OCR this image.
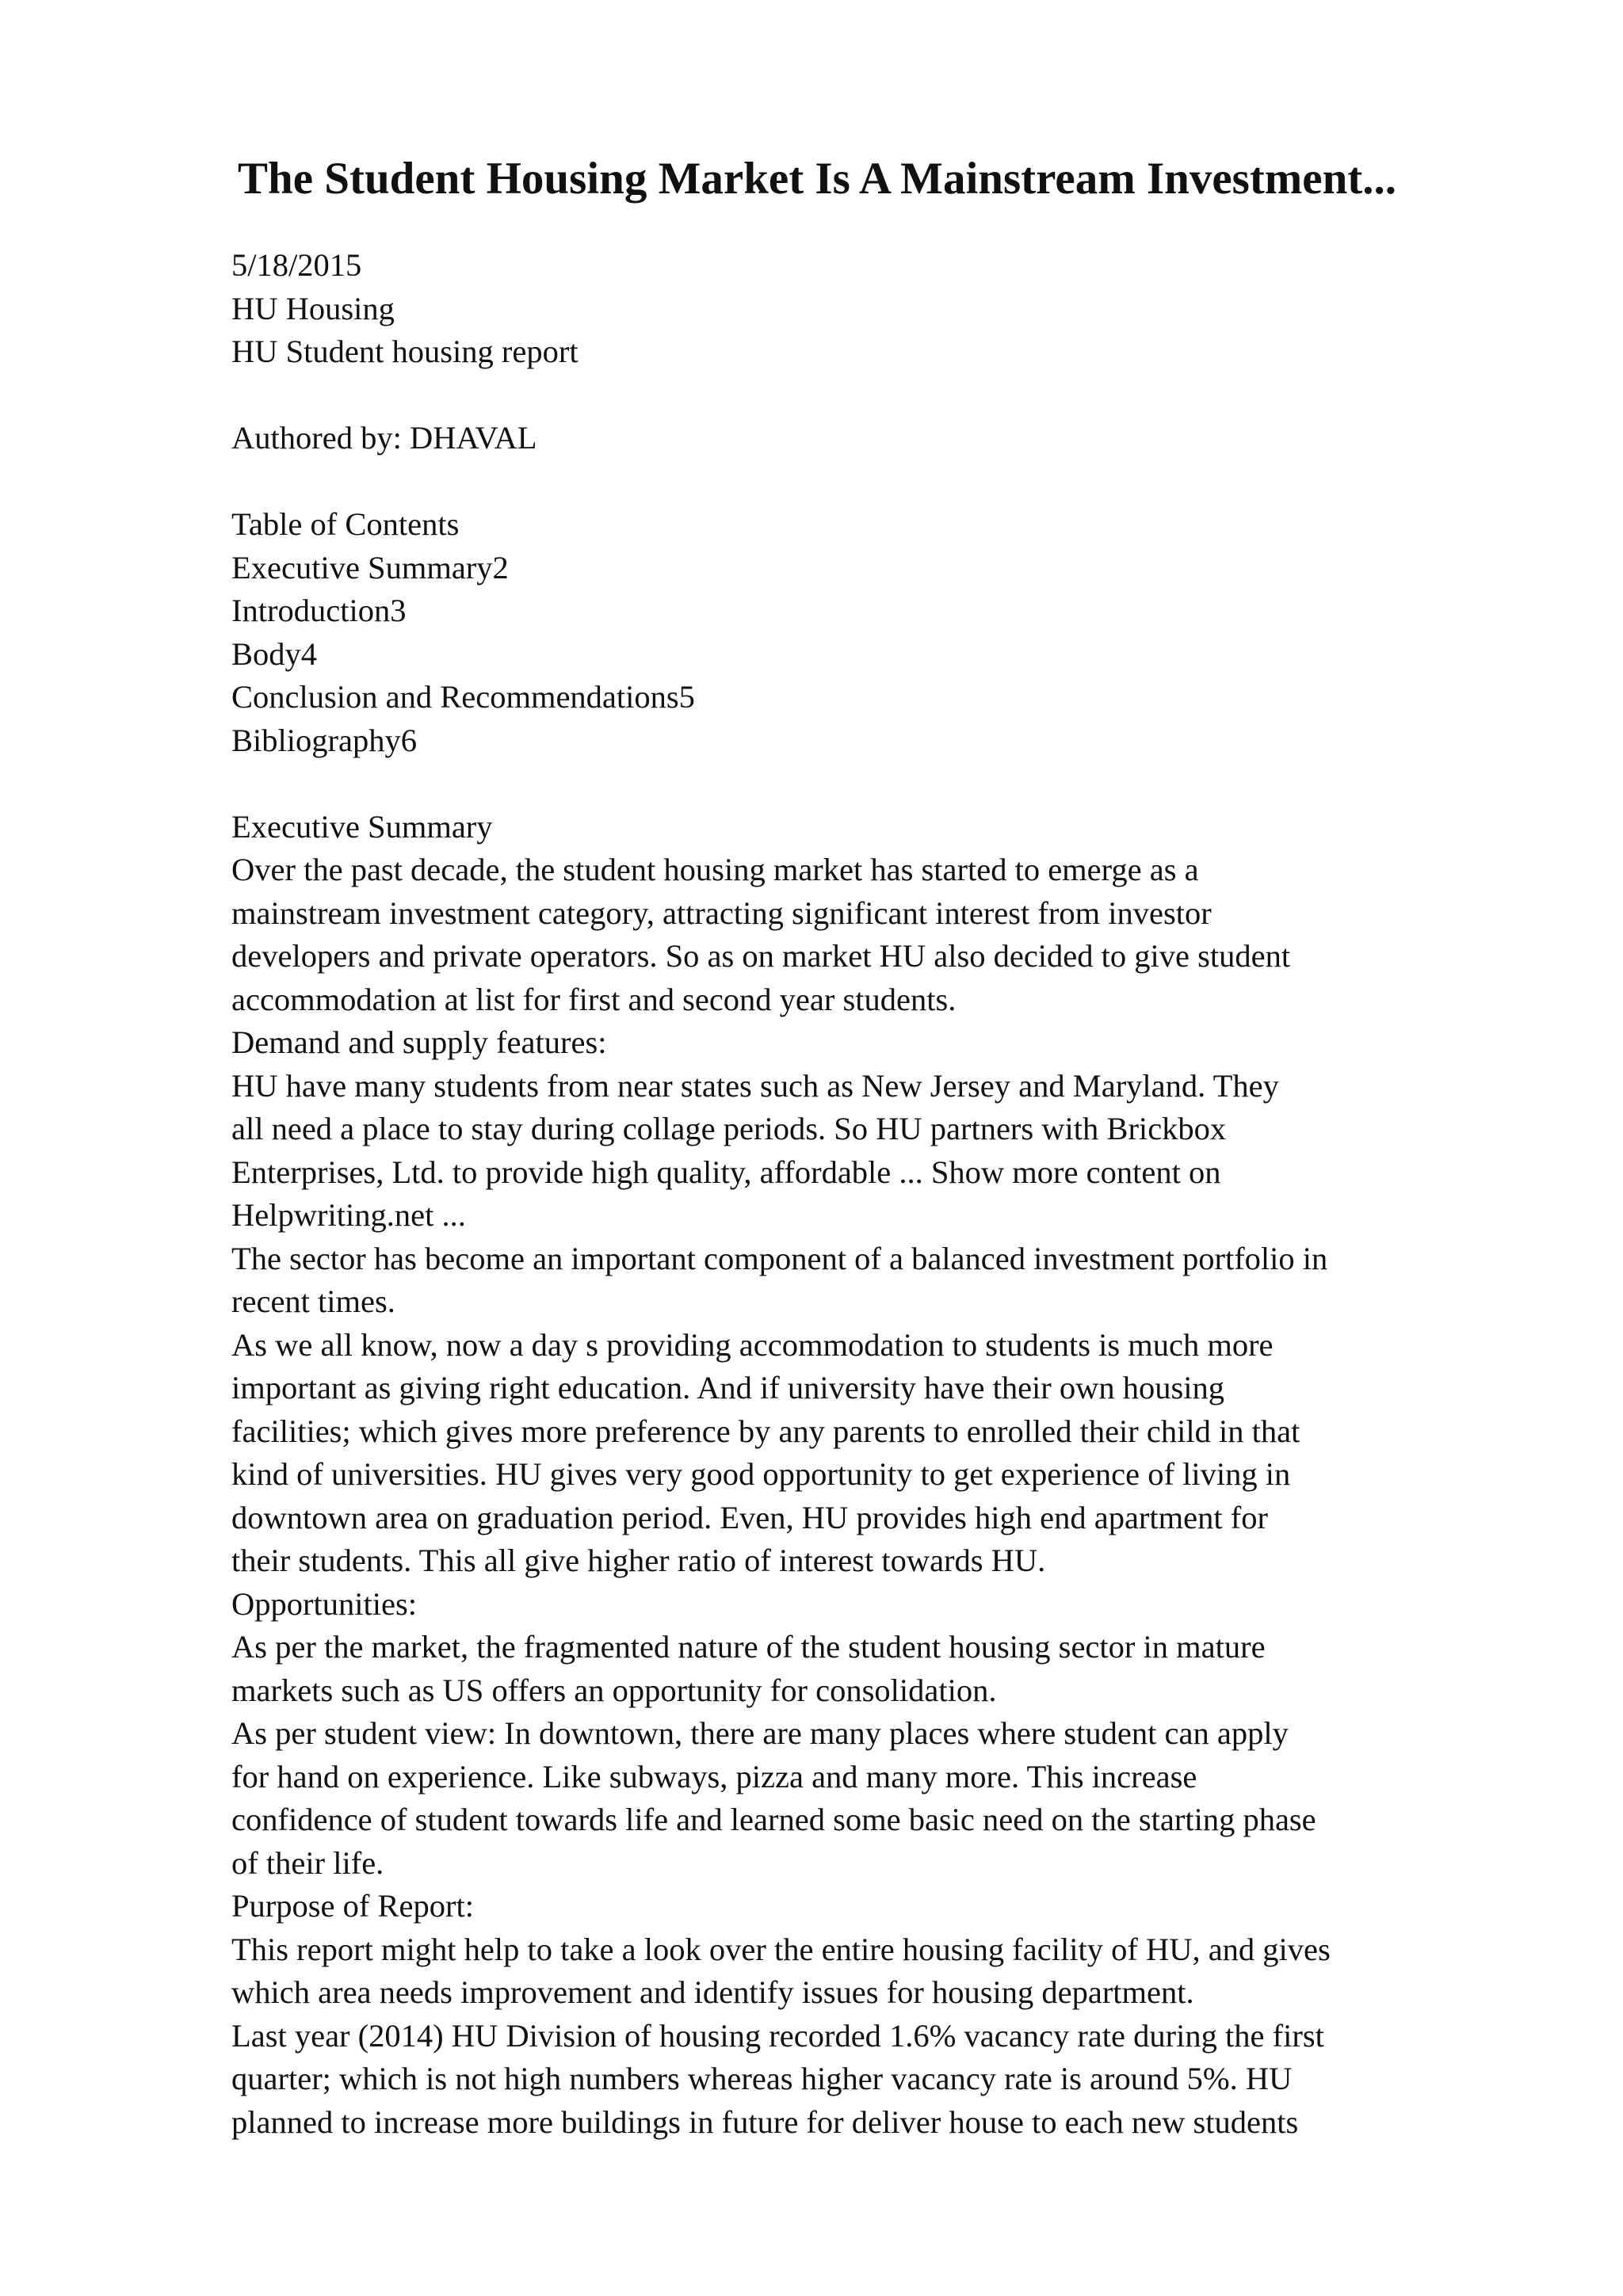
The Student Housing Market Is A Mainstream Investment...
5/18/2015
HU Housing
HU Student housing report
Authored by: DHAVAL
Table of Contents
Executive Summary2
Introduction3
Body4
Conclusion and Recommendations5
Bibliography6
Executive Summary
Over the past decade, the student housing market has started to emerge as a
mainstream investment category, attracting significant interest from investor
developers and private operators. So as on market HU also decided to give student
accommodation at list for first and second year students.
Demand and supply features:
HU have many students from near states such as New Jersey and Maryland. They
all need a place to stay during collage periods. So HU partners with Brickbox
Enterprises, Ltd. to provide high quality, affordable ... Show more content on
Helpwriting.net ...
The sector has become an important component of a balanced investment portfolio in
recent times.
As we all know, now a day s providing accommodation to students is much more
important as giving right education. And if university have their own housing
facilities; which gives more preference by any parents to enrolled their child in that
kind of universities. HU gives very good opportunity to get experience of living in
downtown area on graduation period. Even, HU provides high end apartment for
their students. This all give higher ratio of interest towards HU.
Opportunities:
As per the market, the fragmented nature of the student housing sector in mature
markets such as US offers an opportunity for consolidation.
As per student view: In downtown, there are many places where student can apply
for hand on experience. Like subways, pizza and many more. This increase
confidence of student towards life and learned some basic need on the starting phase
of their life.
Purpose of Report:
This report might help to take a look over the entire housing facility of HU, and gives
which area needs improvement and identify issues for housing department.
Last year (2014) HU Division of housing recorded 1.6% vacancy rate during the first
quarter; which is not high numbers whereas higher vacancy rate is around 5%. HU
planned to increase more buildings in future for deliver house to each new students
